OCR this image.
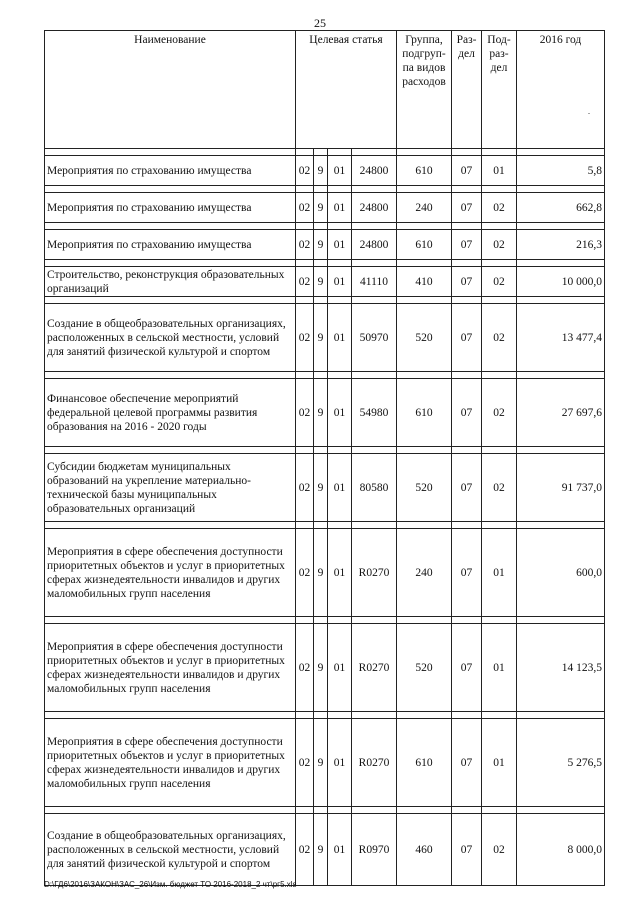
25
Наименование	Целевая статья				Группа, подгруп-па видов расходов	Раз-дел	Под-раз-дел	2016 год

Мероприятия по страхованию имущества	02	9	01	24800	610	07	01	5,8

Мероприятия по страхованию имущества	02	9	01	24800	240	07	02	662,8

Мероприятия по страхованию имущества	02	9	01	24800	610	07	02	216,3

Строительство, реконструкция образовательных организаций	02	9	01	41110	410	07	02	10 000,0

Создание в общеобразовательных организациях, расположенных в сельской местности, условий для занятий физической культурой и спортом	02	9	01	50970	520	07	02	13 477,4

Финансовое обеспечение мероприятий федеральной целевой программы развития образования на 2016 - 2020 годы	02	9	01	54980	610	07	02	27 697,6

Субсидии бюджетам муниципальных образований на укрепление материально-технической базы муниципальных образовательных организаций	02	9	01	80580	520	07	02	91 737,0

Мероприятия в сфере обеспечения доступности приоритетных объектов и услуг в приоритетных сферах жизнедеятельности инвалидов и других маломобильных групп населения	02	9	01	R0270	240	07	01	600,0

Мероприятия в сфере обеспечения доступности приоритетных объектов и услуг в приоритетных сферах жизнедеятельности инвалидов и других маломобильных групп населения	02	9	01	R0270	520	07	01	14 123,5

Мероприятия в сфере обеспечения доступности приоритетных объектов и услуг в приоритетных сферах жизнедеятельности инвалидов и других маломобильных групп населения	02	9	01	R0270	610	07	01	5 276,5

Создание в общеобразовательных организациях, расположенных в сельской местности, условий для занятий физической культурой и спортом	02	9	01	R0970	460	07	02	8 000,0
.
D:\ГД6\2016\ЗАКОН\ЗАС_26\Изм. бюджет ТО 2016-2018_2 чт\рг5.xls
